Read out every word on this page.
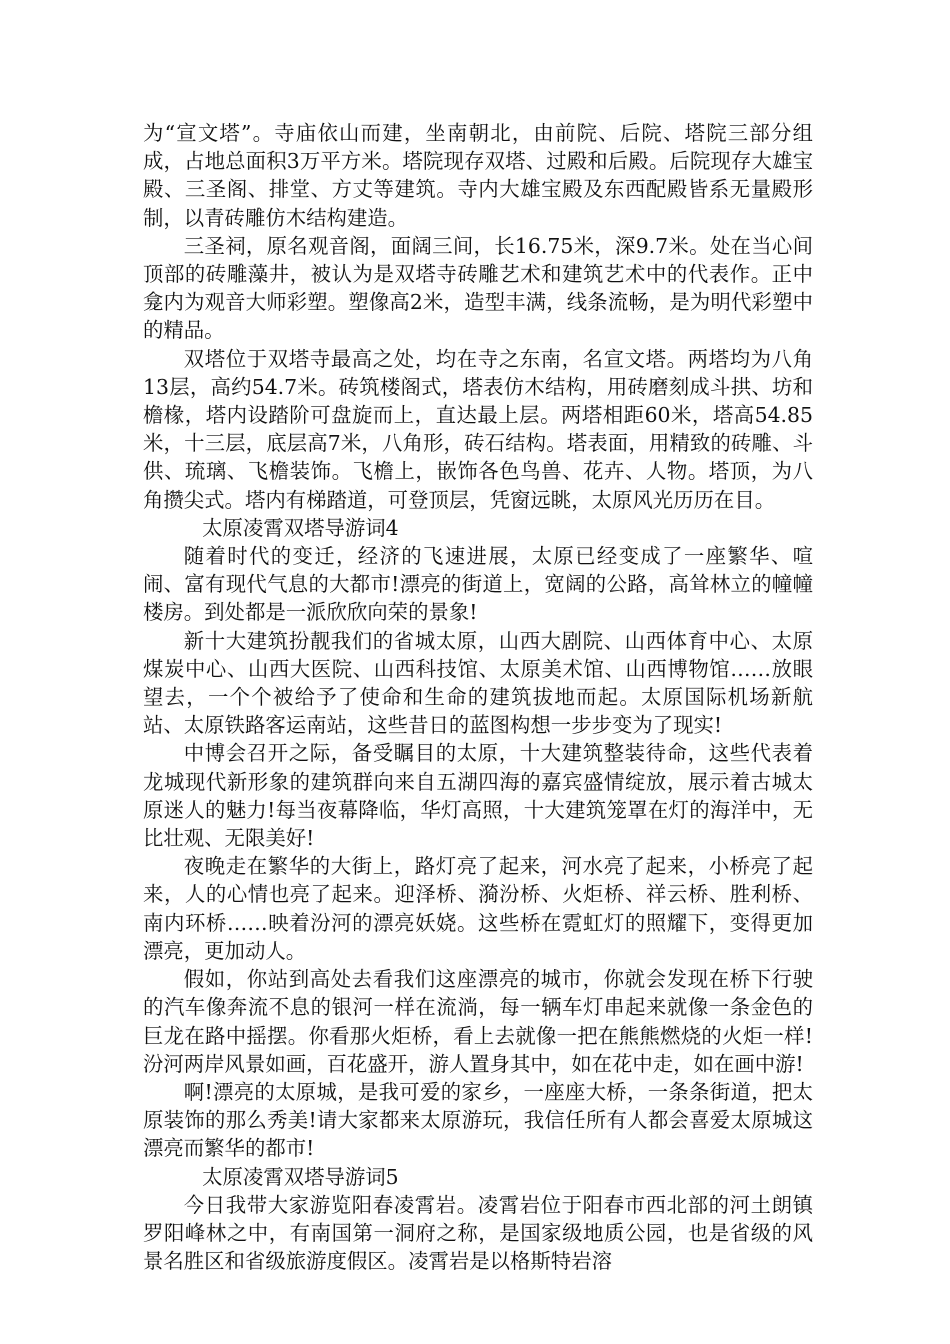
为“宣文塔”。寺庙依山而建，坐南朝北，由前院、后院、塔院三部分组成，占地总面积3万平方米。塔院现存双塔、过殿和后殿。后院现存大雄宝殿、三圣阁、排堂、方丈等建筑。寺内大雄宝殿及东西配殿皆系无量殿形制，以青砖雕仿木结构建造。

三圣祠，原名观音阁，面阔三间，长16.75米，深9.7米。处在当心间顶部的砖雕藻井，被认为是双塔寺砖雕艺术和建筑艺术中的代表作。正中龛内为观音大师彩塑。塑像高2米，造型丰满，线条流畅，是为明代彩塑中的精品。

双塔位于双塔寺最高之处，均在寺之东南，名宣文塔。两塔均为八角13层，高约54.7米。砖筑楼阁式，塔表仿木结构，用砖磨刻成斗拱、坊和檐椽，塔内设踏阶可盘旋而上，直达最上层。两塔相距60米，塔高54.85米，十三层，底层高7米，八角形，砖石结构。塔表面，用精致的砖雕、斗供、琉璃、飞檐装饰。飞檐上，嵌饰各色鸟兽、花卉、人物。塔顶，为八角攒尖式。塔内有梯踏道，可登顶层，凭窗远眺，太原风光历历在目。

太原凌霄双塔导游词4

随着时代的变迁，经济的飞速进展，太原已经变成了一座繁华、喧闹、富有现代气息的大都市!漂亮的街道上，宽阔的公路，高耸林立的幢幢楼房。到处都是一派欣欣向荣的景象!

新十大建筑扮靓我们的省城太原，山西大剧院、山西体育中心、太原煤炭中心、山西大医院、山西科技馆、太原美术馆、山西博物馆……放眼望去，一个个被给予了使命和生命的建筑拔地而起。太原国际机场新航站、太原铁路客运南站，这些昔日的蓝图构想一步步变为了现实!

中博会召开之际，备受瞩目的太原，十大建筑整装待命，这些代表着龙城现代新形象的建筑群向来自五湖四海的嘉宾盛情绽放，展示着古城太原迷人的魅力!每当夜幕降临，华灯高照，十大建筑笼罩在灯的海洋中，无比壮观、无限美好!

夜晚走在繁华的大街上，路灯亮了起来，河水亮了起来，小桥亮了起来，人的心情也亮了起来。迎泽桥、漪汾桥、火炬桥、祥云桥、胜利桥、南内环桥……映着汾河的漂亮妖娆。这些桥在霓虹灯的照耀下，变得更加漂亮，更加动人。

假如，你站到高处去看我们这座漂亮的城市，你就会发现在桥下行驶的汽车像奔流不息的银河一样在流淌，每一辆车灯串起来就像一条金色的巨龙在路中摇摆。你看那火炬桥，看上去就像一把在熊熊燃烧的火炬一样!汾河两岸风景如画，百花盛开，游人置身其中，如在花中走，如在画中游!

啊!漂亮的太原城，是我可爱的家乡，一座座大桥，一条条街道，把太原装饰的那么秀美!请大家都来太原游玩，我信任所有人都会喜爱太原城这漂亮而繁华的都市!

太原凌霄双塔导游词5

今日我带大家游览阳春凌霄岩。凌霄岩位于阳春市西北部的河土朗镇罗阳峰林之中，有南国第一洞府之称，是国家级地质公园，也是省级的风景名胜区和省级旅游度假区。凌霄岩是以格斯特岩溶
